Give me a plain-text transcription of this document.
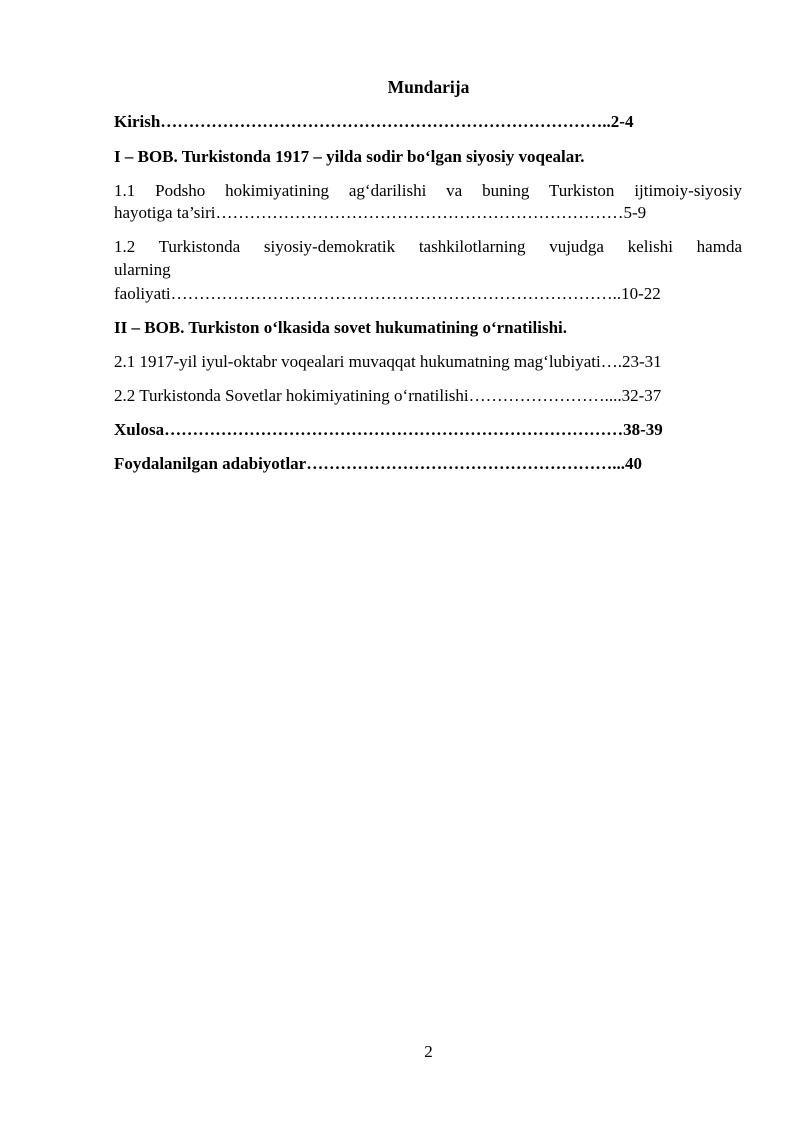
Mundarija
Kirish……………………………………………………………………..2-4
I – BOB. Turkistonda 1917 – yilda sodir bo‘lgan siyosiy voqealar.
1.1 Podsho hokimiyatining ag‘darilishi va buning Turkiston ijtimoiy-siyosiy
hayotiga ta’siri………………………………………………………………5-9
1.2 Turkistonda siyosiy-demokratik tashkilotlarning vujudga kelishi hamda
ularning
faoliyati……………………………………………………………………..10-22
II – BOB. Turkiston o‘lkasida sovet hukumatining o‘rnatilishi.
2.1 1917-yil iyul-oktabr voqealari muvaqqat hukumatning mag‘lubiyati….23-31
2.2 Turkistonda Sovetlar hokimiyatining o‘rnatilishi……………………....32-37
Xulosa………………………………………………………………………38-39
Foydalanilgan adabiyotlar………………………………………………...40
2
